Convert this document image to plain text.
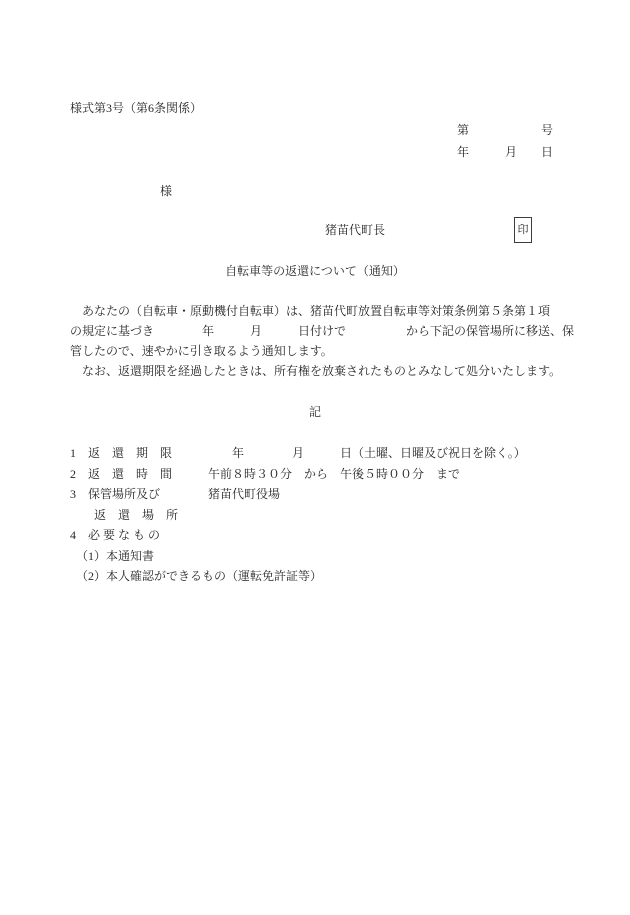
様式第3号（第6条関係）
第　　　　　　号
年　　　月　　日
様
猪苗代町長	印
自転車等の返還について（通知）
　あなたの（自転車・原動機付自転車）は、猪苗代町放置自転車等対策条例第５条第１項
の規定に基づき　　　　年　　　月　　　日付けで　　　　　から下記の保管場所に移送、保
管したので、速やかに引き取るよう通知します。
　なお、返還期限を経過したときは、所有権を放棄されたものとみなして処分いたします。
記
1　返　還　期　限　　　　　年　　　　月　　　日（土曜、日曜及び祝日を除く。）
2　返　還　時　間　　　午前８時３０分　から　午後５時００分　まで
3　保管場所及び　　　　猪苗代町役場
　　返　還　場　所
4　必 要 な も の
　（1）本通知書
　（2）本人確認ができるもの（運転免許証等）
